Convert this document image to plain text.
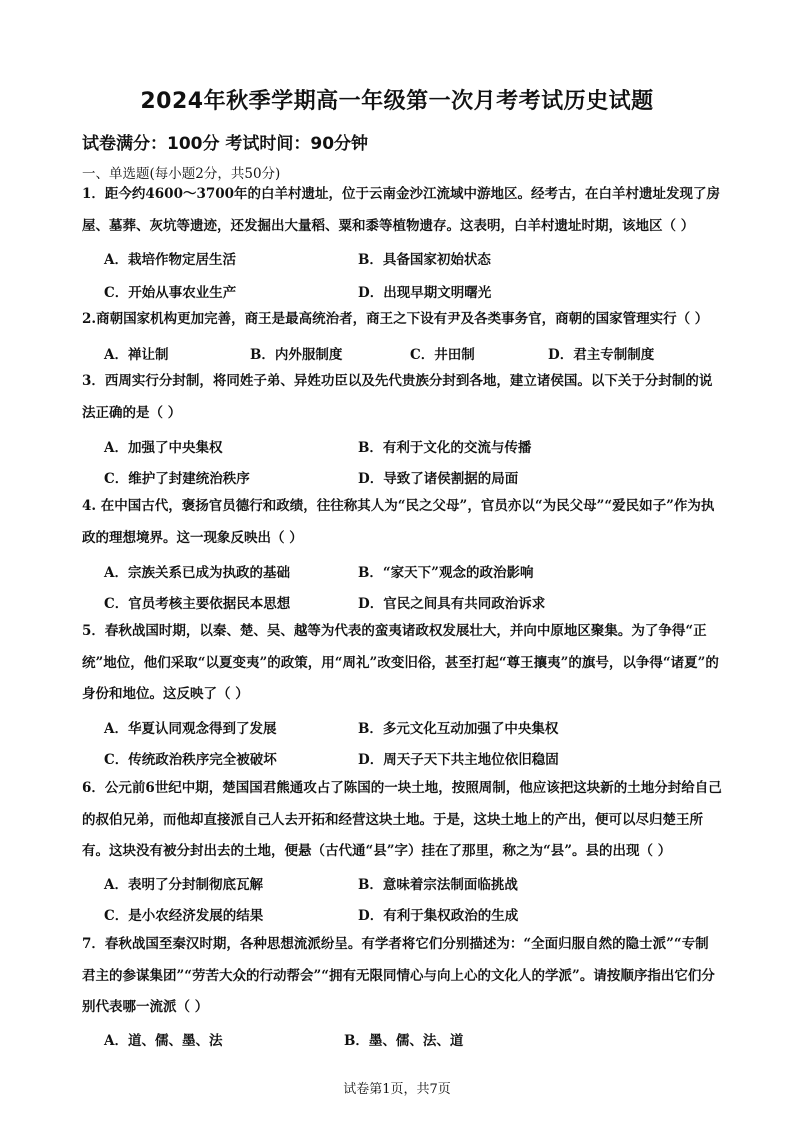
2024年秋季学期高一年级第一次月考考试历史试题
试卷满分：100分 考试时间：90分钟
一、单选题(每小题2分，共50分)
1．距今约4600～3700年的白羊村遗址，位于云南金沙江流域中游地区。经考古，在白羊村遗址发现了房屋、墓葬、灰坑等遗迹，还发掘出大量稻、粟和黍等植物遗存。这表明，白羊村遗址时期，该地区（ ）
A．栽培作物定居生活	B．具备国家初始状态
C．开始从事农业生产	D．出现早期文明曙光
2.商朝国家机构更加完善，商王是最高统治者，商王之下设有尹及各类事务官，商朝的国家管理实行（ ）
A．禅让制	B．内外服制度	C．井田制	D．君主专制制度
3．西周实行分封制，将同姓子弟、异姓功臣以及先代贵族分封到各地，建立诸侯国。以下关于分封制的说法正确的是（ ）
A．加强了中央集权	B．有利于文化的交流与传播
C．维护了封建统治秩序	D．导致了诸侯割据的局面
4. 在中国古代，褒扬官员德行和政绩，往往称其人为“民之父母”，官员亦以“为民父母”“爱民如子”作为执政的理想境界。这一现象反映出（ ）
A．宗族关系已成为执政的基础	B．“家天下”观念的政治影响
C．官员考核主要依据民本思想	D．官民之间具有共同政治诉求
5．春秋战国时期，以秦、楚、吴、越等为代表的蛮夷诸政权发展壮大，并向中原地区聚集。为了争得“正统”地位，他们采取“以夏变夷”的政策，用“周礼”改变旧俗，甚至打起“尊王攘夷”的旗号，以争得“诸夏”的身份和地位。这反映了（ ）
A．华夏认同观念得到了发展	B．多元文化互动加强了中央集权
C．传统政治秩序完全被破坏	D．周天子天下共主地位依旧稳固
6．公元前6世纪中期，楚国国君熊通攻占了陈国的一块土地，按照周制，他应该把这块新的土地分封给自己的叔伯兄弟，而他却直接派自己人去开拓和经营这块土地。于是，这块土地上的产出，便可以尽归楚王所有。这块没有被分封出去的土地，便悬（古代通“县”字）挂在了那里，称之为“县”。县的出现（ ）
A．表明了分封制彻底瓦解	B．意味着宗法制面临挑战
C．是小农经济发展的结果	D．有利于集权政治的生成
7．春秋战国至秦汉时期，各种思想流派纷呈。有学者将它们分别描述为：“全面归服自然的隐士派”“专制君主的参谋集团”“劳苦大众的行动帮会”“拥有无限同情心与向上心的文化人的学派”。请按顺序指出它们分别代表哪一流派（ ）
A．道、儒、墨、法	B．墨、儒、法、道
试卷第1页，共7页
